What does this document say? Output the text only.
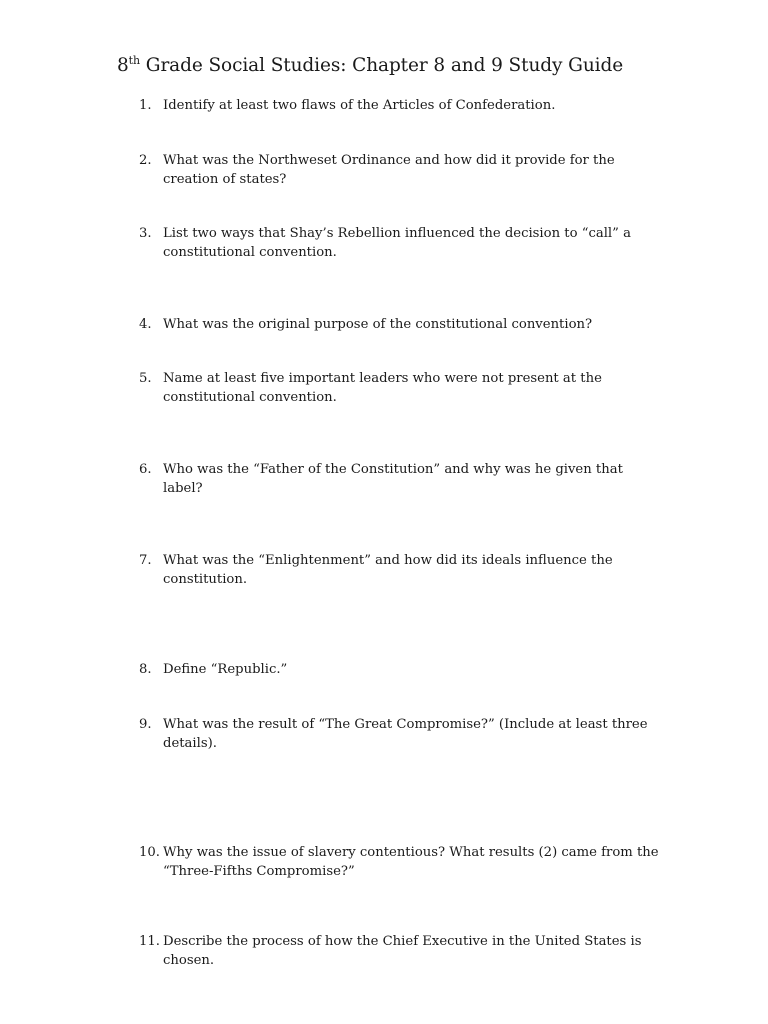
8th Grade Social Studies: Chapter 8 and 9 Study Guide
1. Identify at least two flaws of the Articles of Confederation.
2. What was the Northweset Ordinance and how did it provide for the
creation of states?
3. List two ways that Shay’s Rebellion influenced the decision to “call” a
constitutional convention.
4. What was the original purpose of the constitutional convention?
5. Name at least five important leaders who were not present at the
constitutional convention.
6. Who was the “Father of the Constitution” and why was he given that
label?
7. What was the “Enlightenment” and how did its ideals influence the
constitution.
8. Define “Republic.”
9. What was the result of “The Great Compromise?” (Include at least three
details).
10. Why was the issue of slavery contentious? What results (2) came from the
“Three-Fifths Compromise?”
11. Describe the process of how the Chief Executive in the United States is
chosen.
